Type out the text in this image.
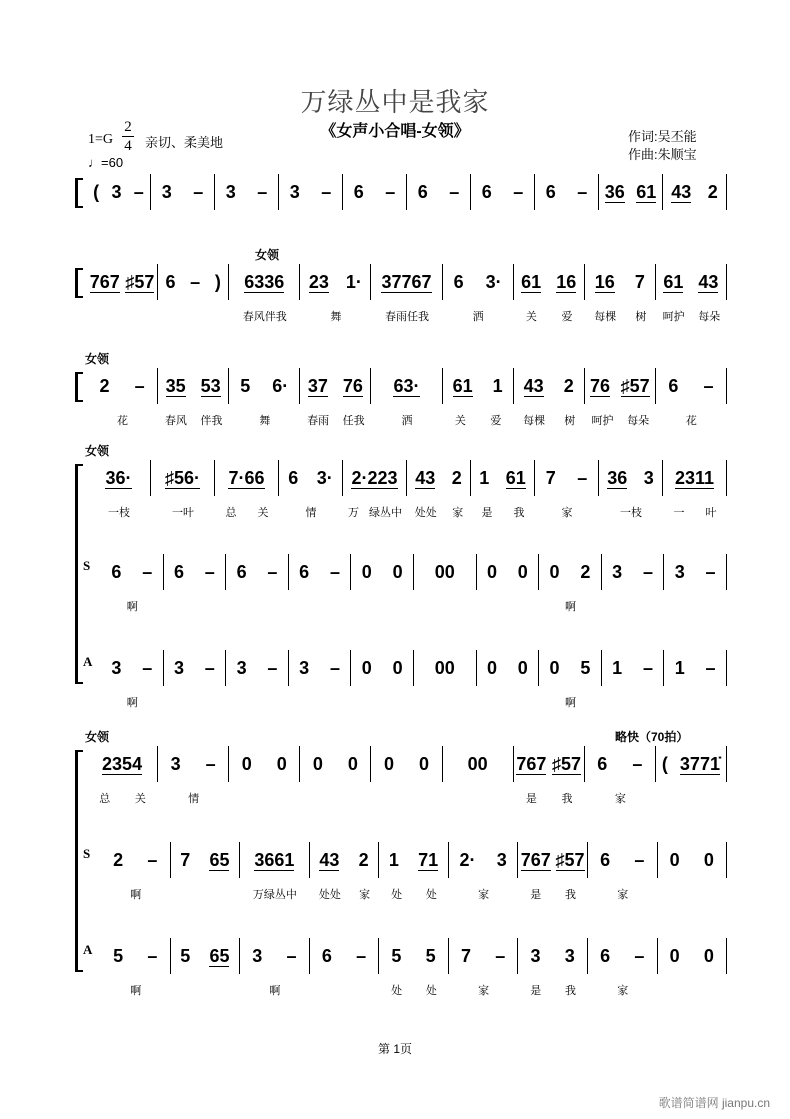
万绿丛中是我家
《女声小合唱-女领》
1=G
2
4 亲切、柔美地
♩=60
作词:吴丕能
作曲:朱顺宝
( 3 – 3 – 3 – 3 – 6 – 6 – 6 – 6 – 36 61 43 2
女领
767 ♯57 6 – ) 6336 23 1· 37767 6 3· 61 16 16 7 61 43
春风伴我	舞	春雨任我	洒	关 爱 每棵 树 呵护 每朵
女领
2 – 35 53 5 6· 37 76 63· 61 1 43 2 76 ♯57 6 –
花	春风 伴我	舞	春雨 任我	洒	关 爱 每棵 树 呵护 每朵	花
女领
36· ♯56· 7·66 6 3· 2·223 43 2 1 61 7 – 36 3 2311
一枝	一叶	总 关	情	万 绿丛中 处处 家 是 我	家	一枝	一 叶
S 6 – 6 – 6 – 6 – 0 0 00 0 0 0 2 3 – 3 –
啊	啊
A 3 – 3 – 3 – 3 – 0 0 00 0 0 0 5 1 – 1 –
啊	啊
女领	略快（70拍）
2354 3 – 0 0 0 0 0 0 00 767 ♯57 6 – ( 3771̇
总 关	情	是 我	家
S 2 – 7 65 3661 43 2 1 71 2· 3 767 ♯57 6 – 0 0
啊	万绿丛中 处处 家 处 处	家	是 我	家
A 5 – 5 65 3 – 6 – 5 5 7 – 3 3 6 – 0 0
啊	啊	处 处	家	是 我	家
第 1页
歌谱简谱网 jianpu.cn
